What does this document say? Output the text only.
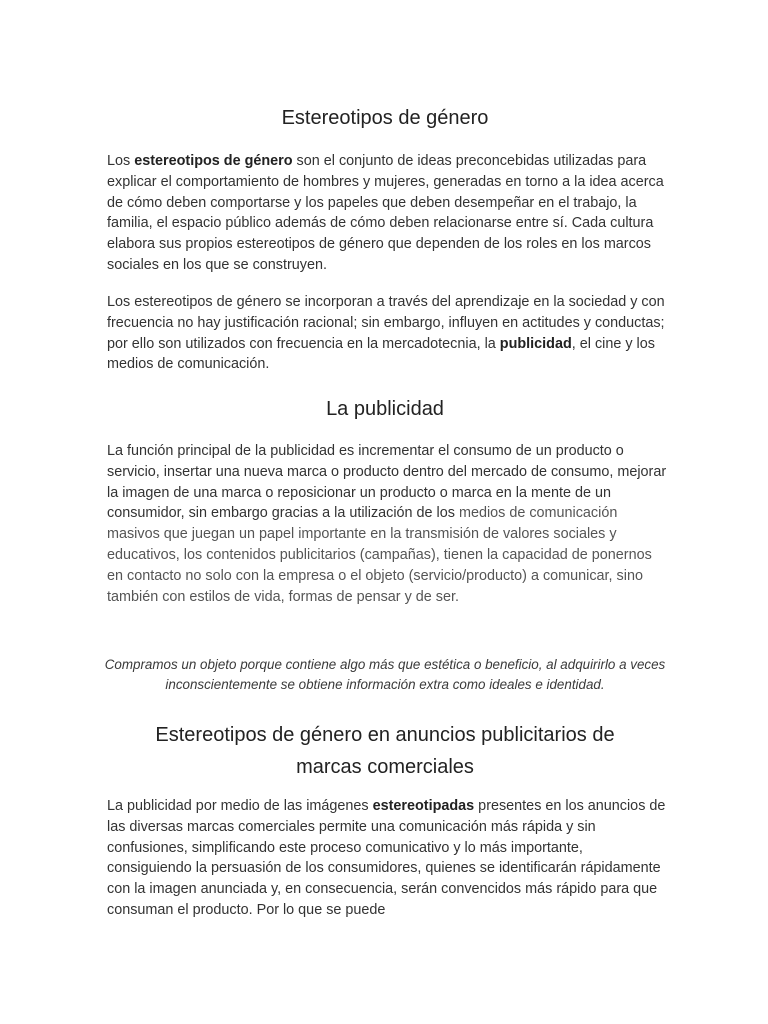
Estereotipos de género

Los estereotipos de género son el conjunto de ideas preconcebidas utilizadas para explicar el comportamiento de hombres y mujeres, generadas en torno a la idea acerca de cómo deben comportarse y los papeles que deben desempeñar en el trabajo, la familia, el espacio público además de cómo deben relacionarse entre sí. Cada cultura elabora sus propios estereotipos de género que dependen de los roles en los marcos sociales en los que se construyen.

Los estereotipos de género se incorporan a través del aprendizaje en la sociedad y con frecuencia no hay justificación racional; sin embargo, influyen en actitudes y conductas; por ello son utilizados con frecuencia en la mercadotecnia, la publicidad, el cine y los medios de comunicación.

La publicidad

La función principal de la publicidad es incrementar el consumo de un producto o servicio, insertar una nueva marca o producto dentro del mercado de consumo, mejorar la imagen de una marca o reposicionar un producto o marca en la mente de un consumidor, sin embargo gracias a la utilización de los medios de comunicación masivos que juegan un papel importante en la transmisión de valores sociales y educativos, los contenidos publicitarios (campañas), tienen la capacidad de ponernos en contacto no solo con la empresa o el objeto (servicio/producto) a comunicar, sino también con estilos de vida, formas de pensar y de ser.

Compramos un objeto porque contiene algo más que estética o beneficio, al adquirirlo a veces inconscientemente se obtiene información extra como ideales e identidad.

Estereotipos de género en anuncios publicitarios de
marcas comerciales

La publicidad por medio de las imágenes estereotipadas presentes en los anuncios de las diversas marcas comerciales permite una comunicación más rápida y sin confusiones, simplificando este proceso comunicativo y lo más importante, consiguiendo la persuasión de los consumidores, quienes se identificarán rápidamente con la imagen anunciada y, en consecuencia, serán convencidos más rápido para que consuman el producto. Por lo que se puede
